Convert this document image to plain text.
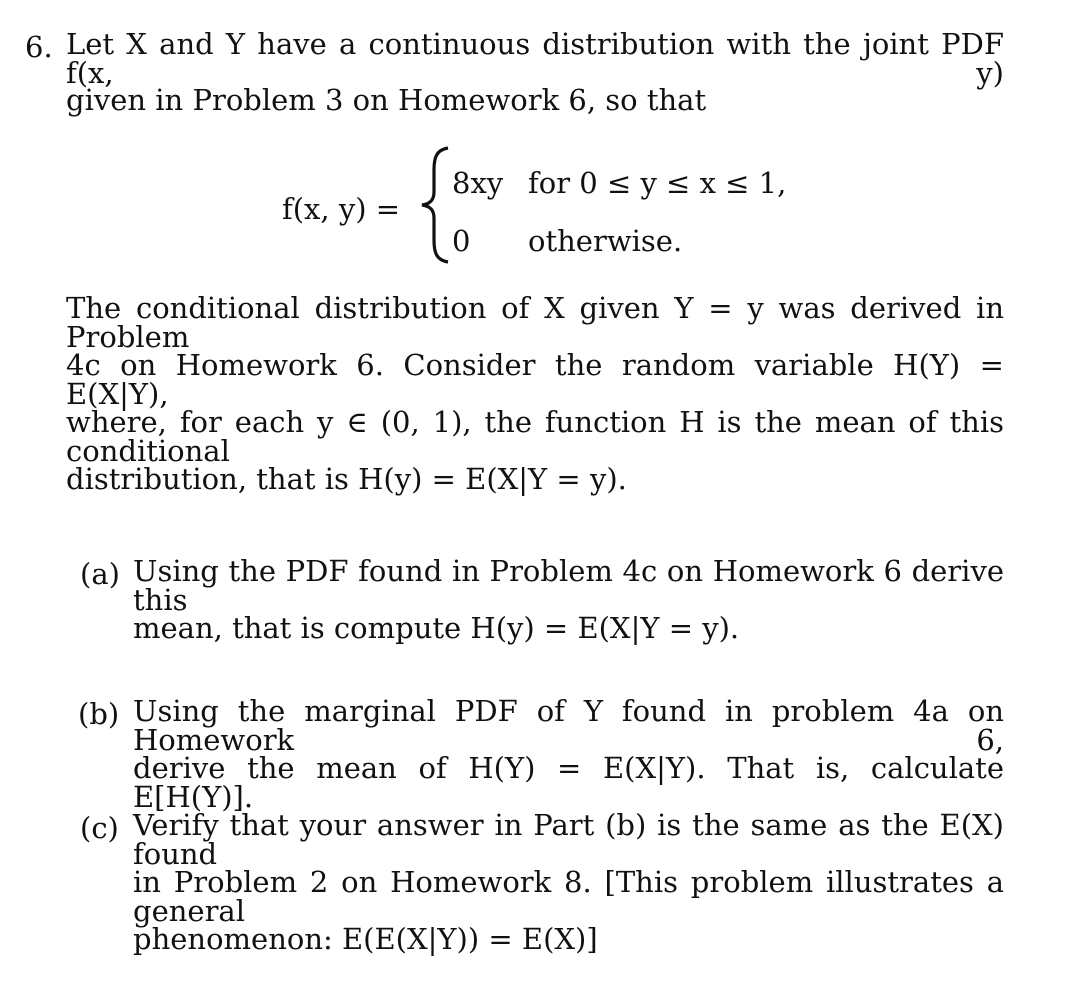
6. Let X and Y have a continuous distribution with the joint PDF f(x, y)
given in Problem 3 on Homework 6, so that
f(x, y) =
8xy for 0 ≤ y ≤ x ≤ 1,
0 otherwise.
The conditional distribution of X given Y = y was derived in Problem
4c on Homework 6. Consider the random variable H(Y) = E(X|Y),
where, for each y ∈ (0, 1), the function H is the mean of this conditional
distribution, that is H(y) = E(X|Y = y).
(a) Using the PDF found in Problem 4c on Homework 6 derive this
mean, that is compute H(y) = E(X|Y = y).
(b) Using the marginal PDF of Y found in problem 4a on Homework 6,
derive the mean of H(Y) = E(X|Y). That is, calculate E[H(Y)].
(c) Verify that your answer in Part (b) is the same as the E(X) found
in Problem 2 on Homework 8. [This problem illustrates a general
phenomenon: E(E(X|Y)) = E(X)]
